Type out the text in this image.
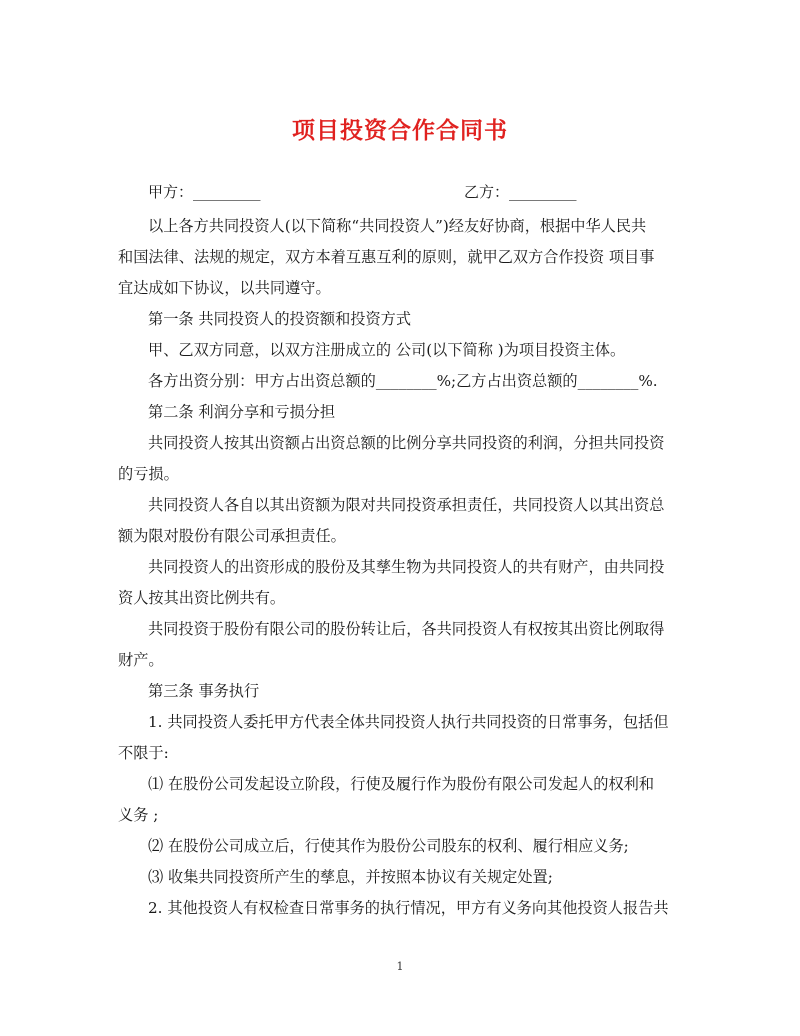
项目投资合作合同书
甲方：_________	乙方：_________
以上各方共同投资人(以下简称“共同投资人”)经友好协商，根据中华人民共
和国法律、法规的规定，双方本着互惠互利的原则，就甲乙双方合作投资 项目事
宜达成如下协议，以共同遵守。
第一条 共同投资人的投资额和投资方式
甲、乙双方同意，以双方注册成立的 公司(以下简称 )为项目投资主体。
各方出资分别：甲方占出资总额的________%;乙方占出资总额的________%.
第二条 利润分享和亏损分担
共同投资人按其出资额占出资总额的比例分享共同投资的利润，分担共同投资
的亏损。
共同投资人各自以其出资额为限对共同投资承担责任，共同投资人以其出资总
额为限对股份有限公司承担责任。
共同投资人的出资形成的股份及其孳生物为共同投资人的共有财产，由共同投
资人按其出资比例共有。
共同投资于股份有限公司的股份转让后，各共同投资人有权按其出资比例取得
财产。
第三条 事务执行
1. 共同投资人委托甲方代表全体共同投资人执行共同投资的日常事务，包括但
不限于:
⑴ 在股份公司发起设立阶段，行使及履行作为股份有限公司发起人的权利和
义务 ;
⑵ 在股份公司成立后，行使其作为股份公司股东的权利、履行相应义务;
⑶ 收集共同投资所产生的孳息，并按照本协议有关规定处置;
2. 其他投资人有权检查日常事务的执行情况，甲方有义务向其他投资人报告共
1
